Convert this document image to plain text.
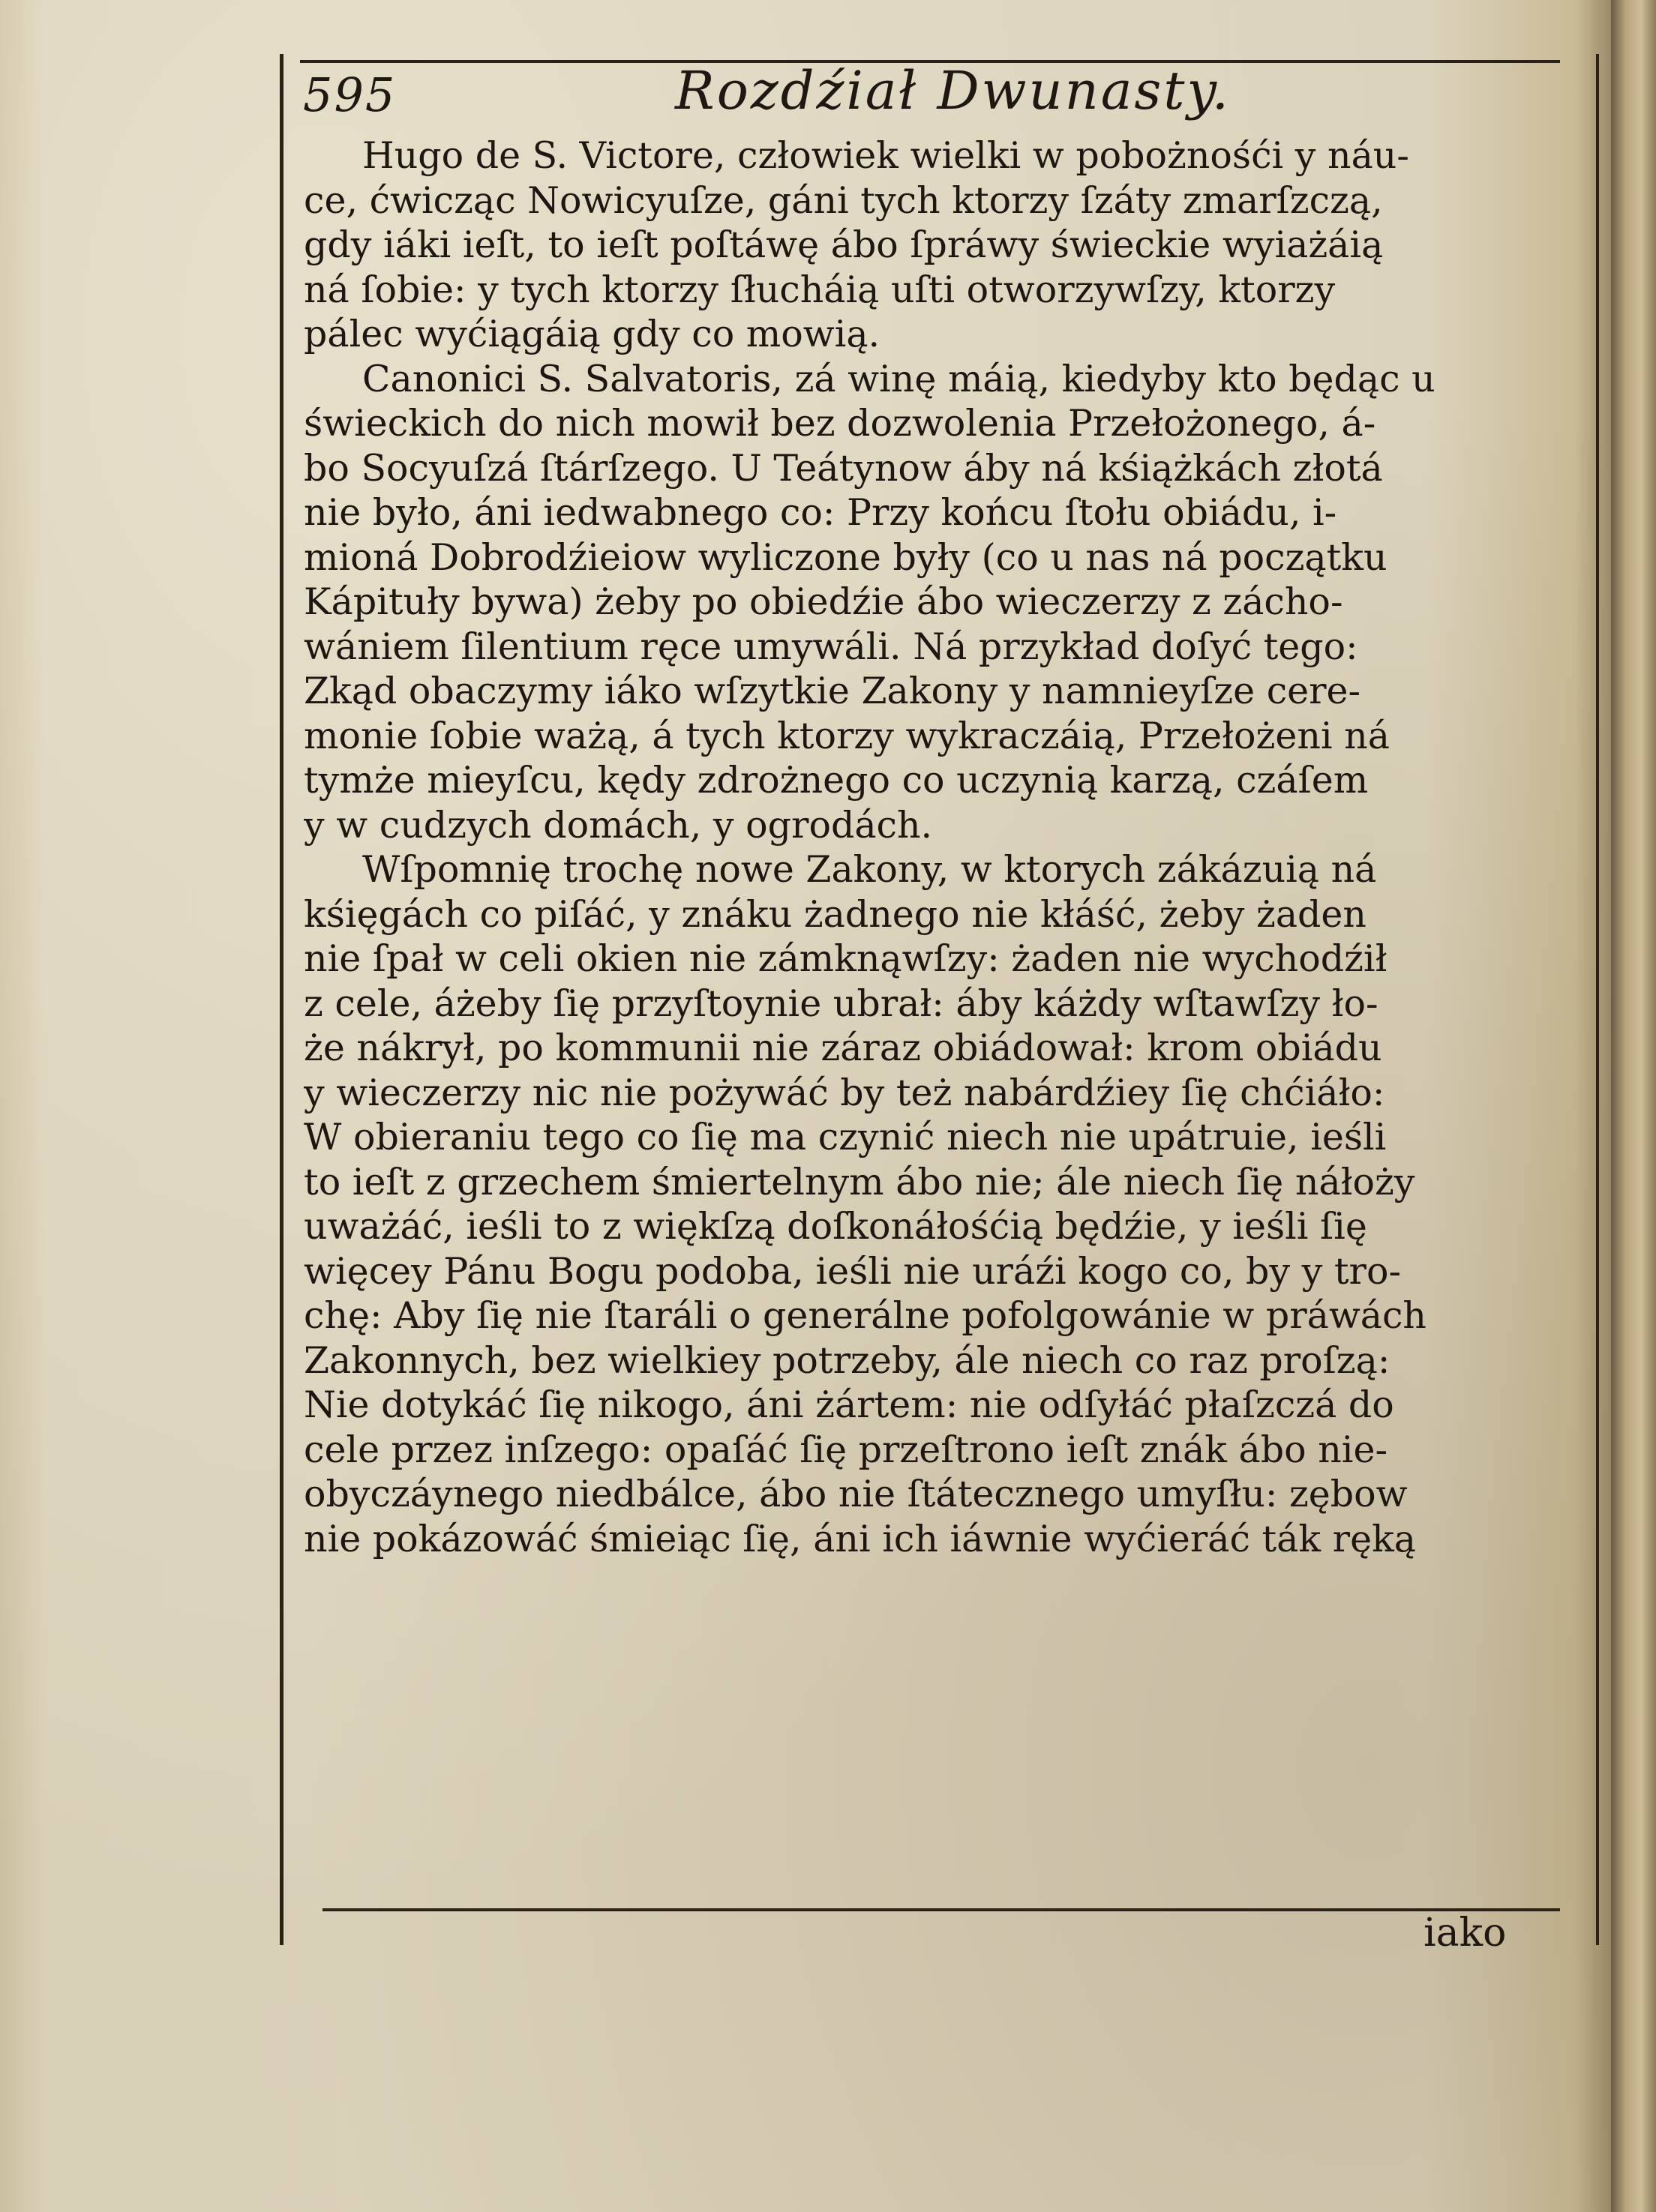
595	Rozdźiał Dwunasty.
Hugo de S. Victore, człowiek wielki w pobożnośći y náu-
ce, ćwicząc Nowicyuſze, gáni tych ktorzy ſzáty zmarſzczą,
gdy iáki ieſt, to ieſt poſtáwę ábo ſpráwy świeckie wyiażáią
ná ſobie: y tych ktorzy ſłucháią uſti otworzywſzy, ktorzy
pálec wyćiągáią gdy co mowią.
Canonici S. Salvatoris, zá winę máią, kiedyby kto będąc u
świeckich do nich mowił bez dozwolenia Przełożonego, á-
bo Socyuſzá ſtárſzego. U Teátynow áby ná kśiążkách złotá
nie było, áni iedwabnego co: Przy końcu ſtołu obiádu, i-
mioná Dobrodźieiow wyliczone były (co u nas ná początku
Kápituły bywa) żeby po obiedźie ábo wieczerzy z zácho-
wániem ſilentium ręce umywáli. Ná przykład doſyć tego:
Zkąd obaczymy iáko wſzytkie Zakony y namnieyſze cere-
monie ſobie ważą, á tych ktorzy wykraczáią, Przełożeni ná
tymże mieyſcu, kędy zdrożnego co uczynią karzą, czáſem
y w cudzych domách, y ogrodách.
Wſpomnię trochę nowe Zakony, w ktorych zákázuią ná
kśięgách co piſáć, y znáku żadnego nie kłáść, żeby żaden
nie ſpał w celi okien nie zámknąwſzy: żaden nie wychodźił
z cele, áżeby ſię przyſtoynie ubrał: áby káżdy wſtawſzy ło-
że nákrył, po kommunii nie záraz obiádował: krom obiádu
y wieczerzy nic nie pożywáć by też nabárdźiey ſię chćiáło:
W obieraniu tego co ſię ma czynić niech nie upátruie, ieśli
to ieſt z grzechem śmiertelnym ábo nie; ále niech ſię náłoży
uważáć, ieśli to z więkſzą doſkonáłośćią będźie, y ieśli ſię
więcey Pánu Bogu podoba, ieśli nie uráźi kogo co, by y tro-
chę: Aby ſię nie ſtaráli o generálne pofolgowánie w práwách
Zakonnych, bez wielkiey potrzeby, ále niech co raz proſzą:
Nie dotykáć ſię nikogo, áni żártem: nie odſyłáć płaſzczá do
cele przez inſzego: opaſáć ſię przeſtrono ieſt znák ábo nie-
obyczáynego niedbálce, ábo nie ſtátecznego umyſłu: zębow
nie pokázowáć śmieiąc ſię, áni ich iáwnie wyćieráć ták ręką
iako
